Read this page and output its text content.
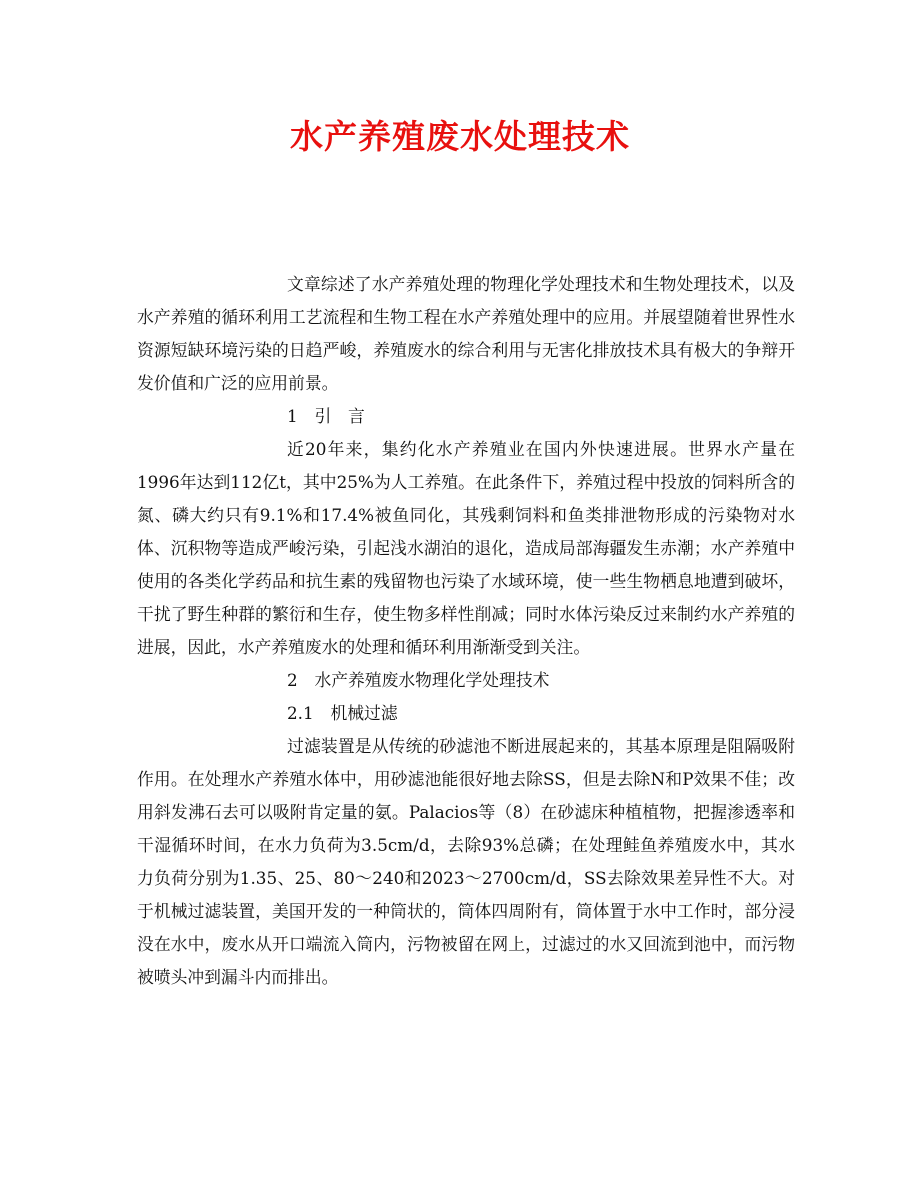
水产养殖废水处理技术

文章综述了水产养殖处理的物理化学处理技术和生物处理技术，以及水产养殖的循环利用工艺流程和生物工程在水产养殖处理中的应用。并展望随着世界性水资源短缺环境污染的日趋严峻，养殖废水的综合利用与无害化排放技术具有极大的争辩开发价值和广泛的应用前景。

1　引　言

近20年来，集约化水产养殖业在国内外快速进展。世界水产量在1996年达到112亿t，其中25%为人工养殖。在此条件下，养殖过程中投放的饲料所含的氮、磷大约只有9.1%和17.4%被鱼同化，其残剩饲料和鱼类排泄物形成的污染物对水体、沉积物等造成严峻污染，引起浅水湖泊的退化，造成局部海疆发生赤潮；水产养殖中使用的各类化学药品和抗生素的残留物也污染了水域环境，使一些生物栖息地遭到破坏，干扰了野生种群的繁衍和生存，使生物多样性削减；同时水体污染反过来制约水产养殖的进展，因此，水产养殖废水的处理和循环利用渐渐受到关注。

2　水产养殖废水物理化学处理技术

2.1　机械过滤

过滤装置是从传统的砂滤池不断进展起来的，其基本原理是阻隔吸附作用。在处理水产养殖水体中，用砂滤池能很好地去除SS，但是去除N和P效果不佳；改用斜发沸石去可以吸附肯定量的氨。Palacios等（8）在砂滤床种植植物，把握渗透率和干湿循环时间，在水力负荷为3.5cm/d，去除93%总磷；在处理鲑鱼养殖废水中，其水力负荷分别为1.35、25、80～240和2023～2700cm/d，SS去除效果差异性不大。对于机械过滤装置，美国开发的一种筒状的，筒体四周附有，筒体置于水中工作时，部分浸没在水中，废水从开口端流入筒内，污物被留在网上，过滤过的水又回流到池中，而污物被喷头冲到漏斗内而排出。
